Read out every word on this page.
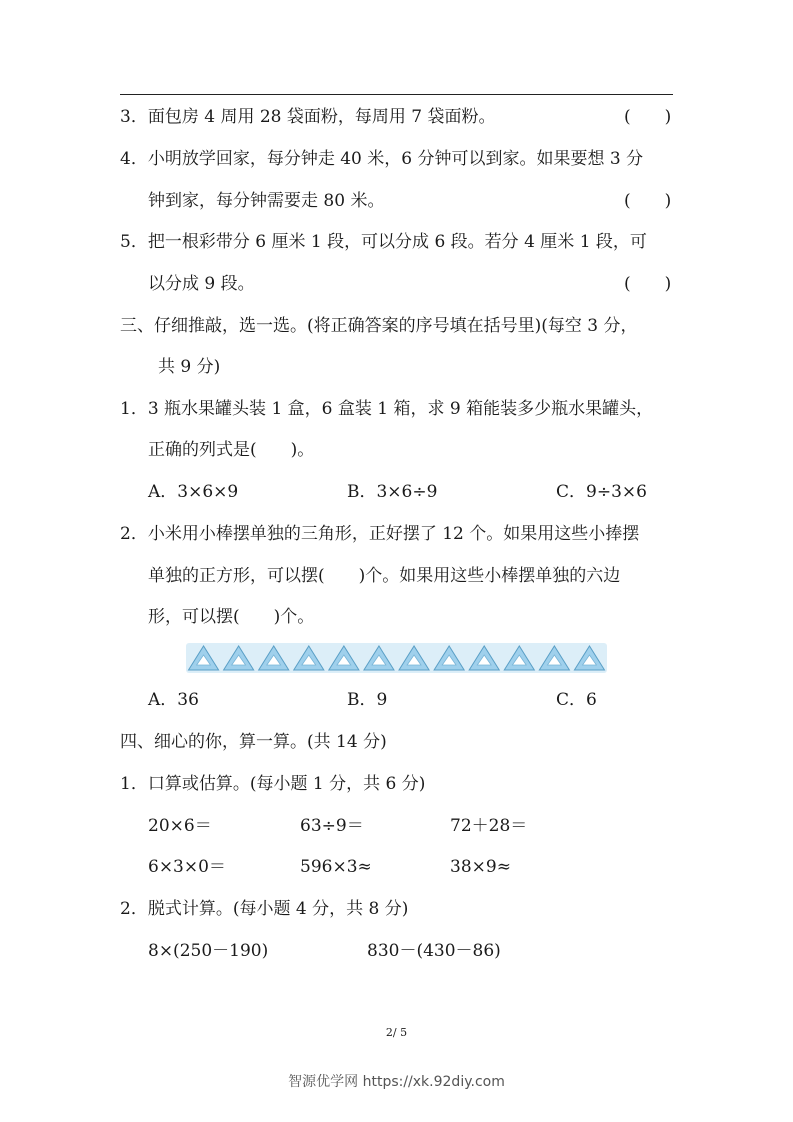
3．面包房 4 周用 28 袋面粉，每周用 7 袋面粉。	(　　)
4．小明放学回家，每分钟走 40 米，6 分钟可以到家。如果要想 3 分
钟到家，每分钟需要走 80 米。	(　　)
5．把一根彩带分 6 厘米 1 段，可以分成 6 段。若分 4 厘米 1 段，可
以分成 9 段。	(　　)
三、仔细推敲，选一选。(将正确答案的序号填在括号里)(每空 3 分，
共 9 分)
1．3 瓶水果罐头装 1 盒，6 盒装 1 箱，求 9 箱能装多少瓶水果罐头，
正确的列式是(　　)。
A．3×6×9	B．3×6÷9	C．9÷3×6
2．小米用小棒摆单独的三角形，正好摆了 12 个。如果用这些小捧摆
单独的正方形，可以摆(　　)个。如果用这些小棒摆单独的六边
形，可以摆(　　)个。
A．36	B．9	C．6
四、细心的你，算一算。(共 14 分)
1．口算或估算。(每小题 1 分，共 6 分)
20×6＝	63÷9＝	72＋28＝
6×3×0＝	596×3≈	38×9≈
2．脱式计算。(每小题 4 分，共 8 分)
8×(250－190)	830－(430－86)
2/ 5
智源优学网 https://xk.92diy.com
